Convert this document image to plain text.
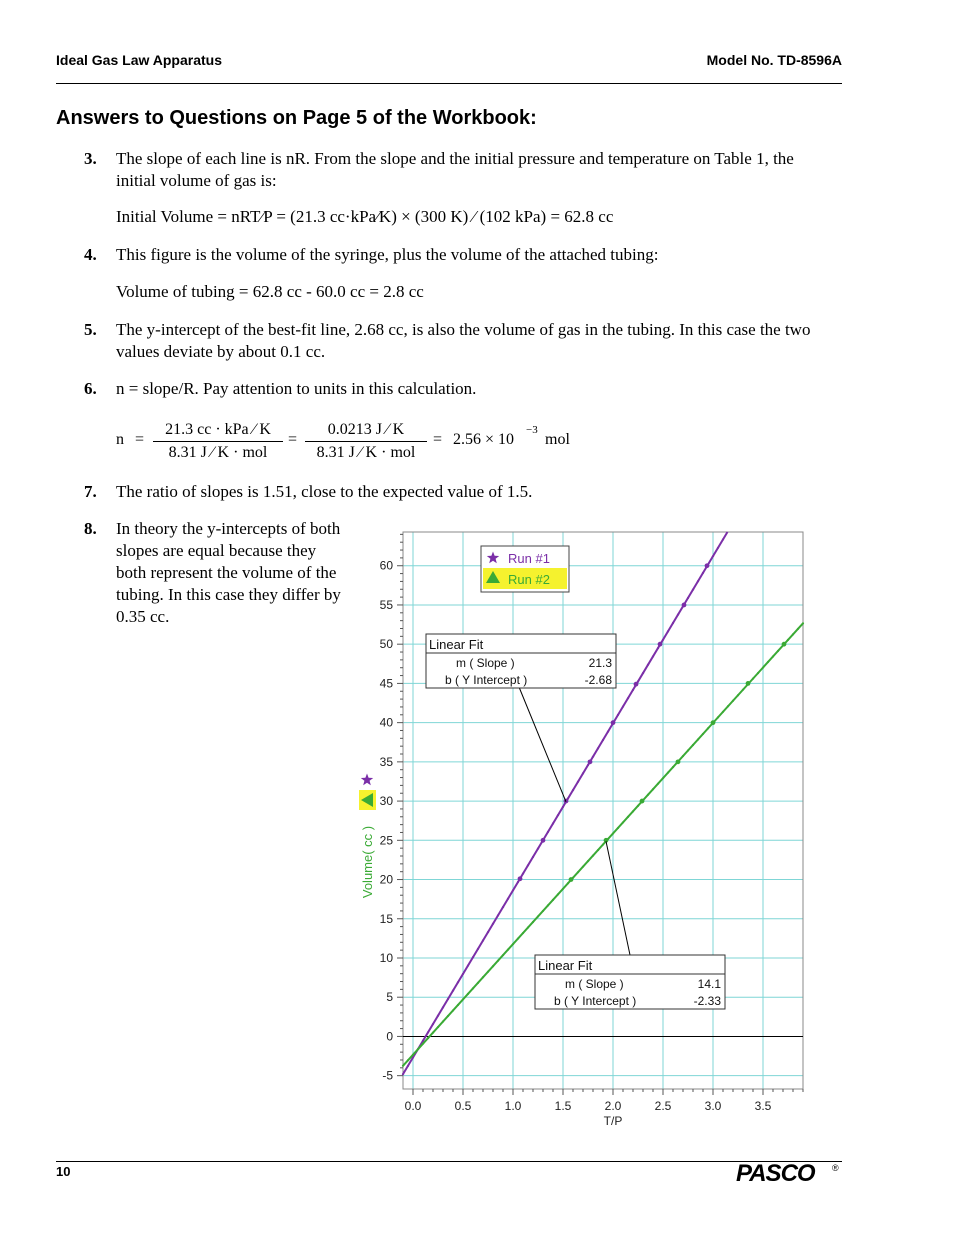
Ideal Gas Law Apparatus	Model No. TD-8596A
Answers to Questions on Page 5 of the Workbook:
3. The slope of each line is nR. From the slope and the initial pressure and temperature on Table 1, the initial volume of gas is:
Initial Volume = nRT⁄P = (21.3 cc·kPa⁄K) × (300 K) ⁄ (102 kPa) = 62.8 cc
4. This figure is the volume of the syringe, plus the volume of the attached tubing:
Volume of tubing = 62.8 cc - 60.0 cc = 2.8 cc
5. The y-intercept of the best-fit line, 2.68 cc, is also the volume of gas in the tubing. In this case the two values deviate by about 0.1 cc.
6. n = slope/R. Pay attention to units in this calculation.
n =
21.3 cc · kPa ⁄ K
8.31 J ⁄ K · mol
=
0.0213 J ⁄ K
8.31 J ⁄ K · mol
= 2.56 × 10
−3
mol
7. The ratio of slopes is 1.51, close to the expected value of 1.5.
8. In theory the y-intercepts of both slopes are equal because they both represent the volume of the tubing. In this case they differ by 0.35 cc.
0.0	0.5	1.0	1.5	2.0	2.5	3.0	3.5
-5
0
5
10
15
20
25
30
35
40
45
50
55
60
T/P
Linear Fit
m ( Slope )	21.3
b ( Y Intercept )	-2.68
Linear Fit
m ( Slope )	14.1
b ( Y Intercept )	-2.33
Run #1
Run #2
Volume( cc )
10	PASCO ®
